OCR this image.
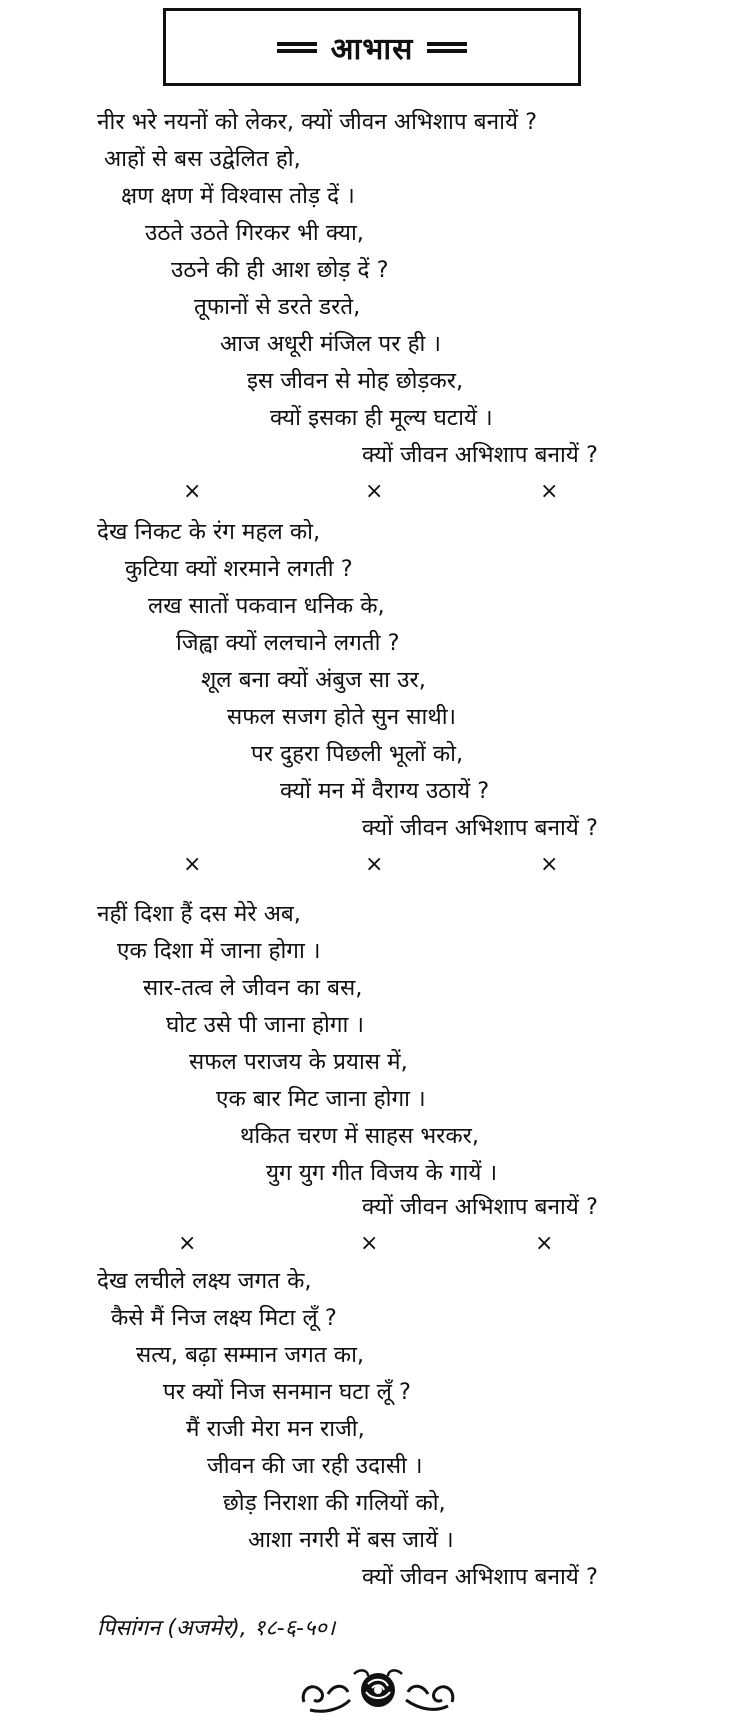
आभास
नीर भरे नयनों को लेकर, क्यों जीवन अभिशाप बनायें ?
आहों से बस उद्वेलित हो,
क्षण क्षण में विश्वास तोड़ दें ।
उठते उठते गिरकर भी क्या,
उठने की ही आश छोड़ दें ?
तूफानों से डरते डरते,
आज अधूरी मंजिल पर ही ।
इस जीवन से मोह छोड़कर,
क्यों इसका ही मूल्य घटायें ।
क्यों जीवन अभिशाप बनायें ?
×	×	×
देख निकट के रंग महल को,
कुटिया क्यों शरमाने लगती ?
लख सातों पकवान धनिक के,
जिह्वा क्यों ललचाने लगती ?
शूल बना क्यों अंबुज सा उर,
सफल सजग होते सुन साथी।
पर दुहरा पिछली भूलों को,
क्यों मन में वैराग्य उठायें ?
क्यों जीवन अभिशाप बनायें ?
×	×	×
नहीं दिशा हैं दस मेरे अब,
एक दिशा में जाना होगा ।
सार-तत्व ले जीवन का बस,
घोट उसे पी जाना होगा ।
सफल पराजय के प्रयास में,
एक बार मिट जाना होगा ।
थकित चरण में साहस भरकर,
युग युग गीत विजय के गायें ।
क्यों जीवन अभिशाप बनायें ?
×	×	×
देख लचीले लक्ष्य जगत के,
कैसे मैं निज लक्ष्य मिटा लूँ ?
सत्य, बढ़ा सम्मान जगत का,
पर क्यों निज सनमान घटा लूँ ?
मैं राजी मेरा मन राजी,
जीवन की जा रही उदासी ।
छोड़ निराशा की गलियों को,
आशा नगरी में बस जायें ।
क्यों जीवन अभिशाप बनायें ?
पिसांगन (अजमेर), १८-६-५०।
